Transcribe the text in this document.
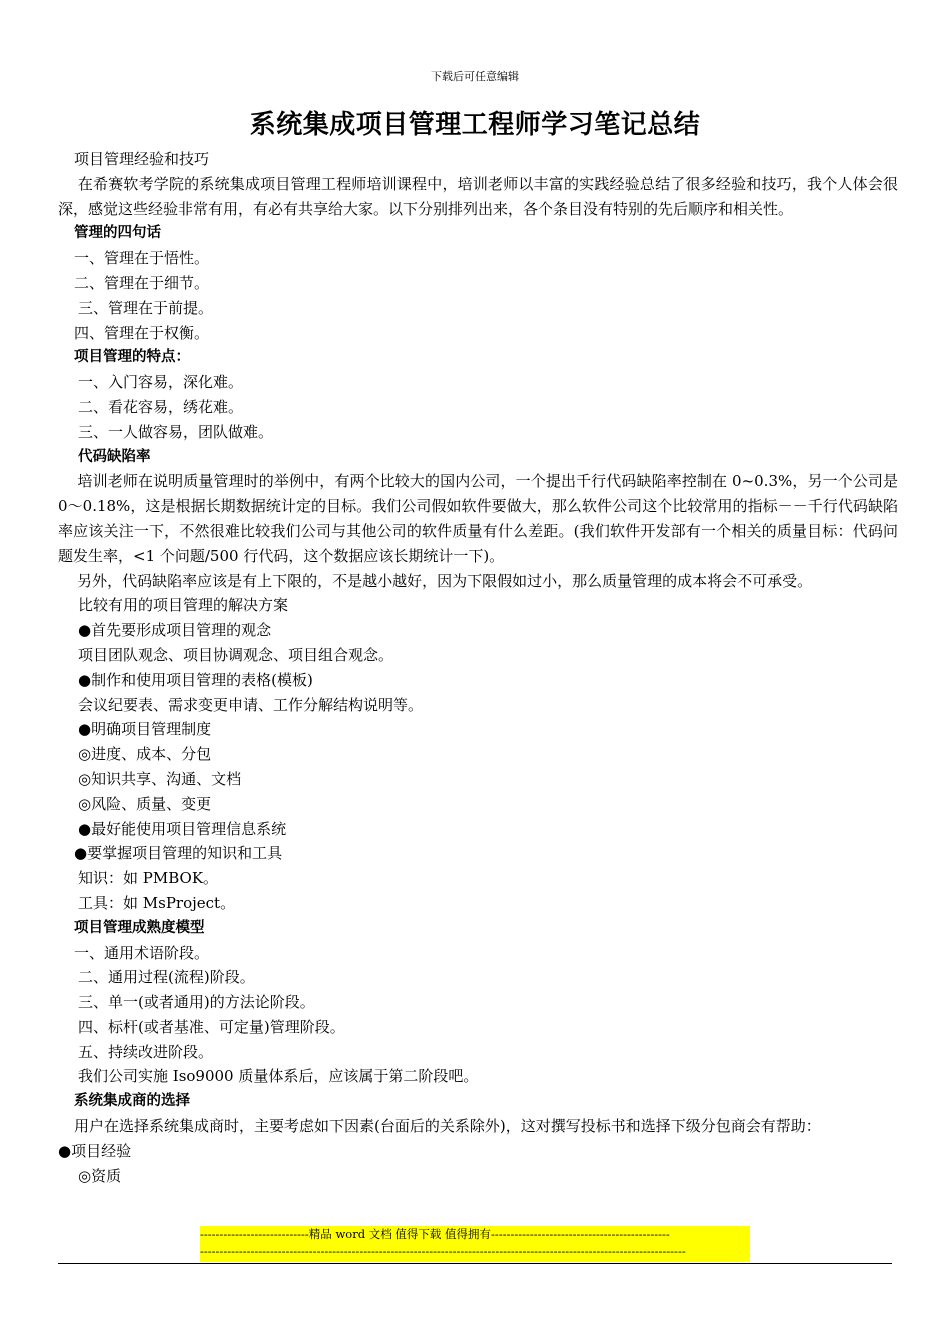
下载后可任意编辑
系统集成项目管理工程师学习笔记总结
项目管理经验和技巧
在希赛软考学院的系统集成项目管理工程师培训课程中，培训老师以丰富的实践经验总结了很多经验和技巧，我个人体会很深，感觉这些经验非常有用，有必有共享给大家。以下分别排列出来，各个条目没有特别的先后顺序和相关性。
管理的四句话
一、管理在于悟性。
二、管理在于细节。
三、管理在于前提。
四、管理在于权衡。
项目管理的特点：
一、入门容易，深化难。
二、看花容易，绣花难。
三、一人做容易，团队做难。
代码缺陷率
培训老师在说明质量管理时的举例中，有两个比较大的国内公司，一个提出千行代码缺陷率控制在 0~0.3%，另一个公司是 0～0.18%，这是根据长期数据统计定的目标。我们公司假如软件要做大，那么软件公司这个比较常用的指标－－千行代码缺陷率应该关注一下，不然很难比较我们公司与其他公司的软件质量有什么差距。(我们软件开发部有一个相关的质量目标：代码问题发生率，<1 个问题/500 行代码，这个数据应该长期统计一下)。
另外，代码缺陷率应该是有上下限的，不是越小越好，因为下限假如过小，那么质量管理的成本将会不可承受。
比较有用的项目管理的解决方案
●首先要形成项目管理的观念
项目团队观念、项目协调观念、项目组合观念。
●制作和使用项目管理的表格(模板)
会议纪要表、需求变更申请、工作分解结构说明等。
●明确项目管理制度
◎进度、成本、分包
◎知识共享、沟通、文档
◎风险、质量、变更
●最好能使用项目管理信息系统
●要掌握项目管理的知识和工具
知识：如 PMBOK。
工具：如 MsProject。
项目管理成熟度模型
一、通用术语阶段。
二、通用过程(流程)阶段。
三、单一(或者通用)的方法论阶段。
四、标杆(或者基准、可定量)管理阶段。
五、持续改进阶段。
我们公司实施 Iso9000 质量体系后，应该属于第二阶段吧。
系统集成商的选择
用户在选择系统集成商时，主要考虑如下因素(台面后的关系除外)，这对撰写投标书和选择下级分包商会有帮助：
●项目经验
◎资质
----------------------------精品 word 文档 值得下载 值得拥有----------------------------------------------
-----------------------------------------------------------------------------------------------------------------------------
